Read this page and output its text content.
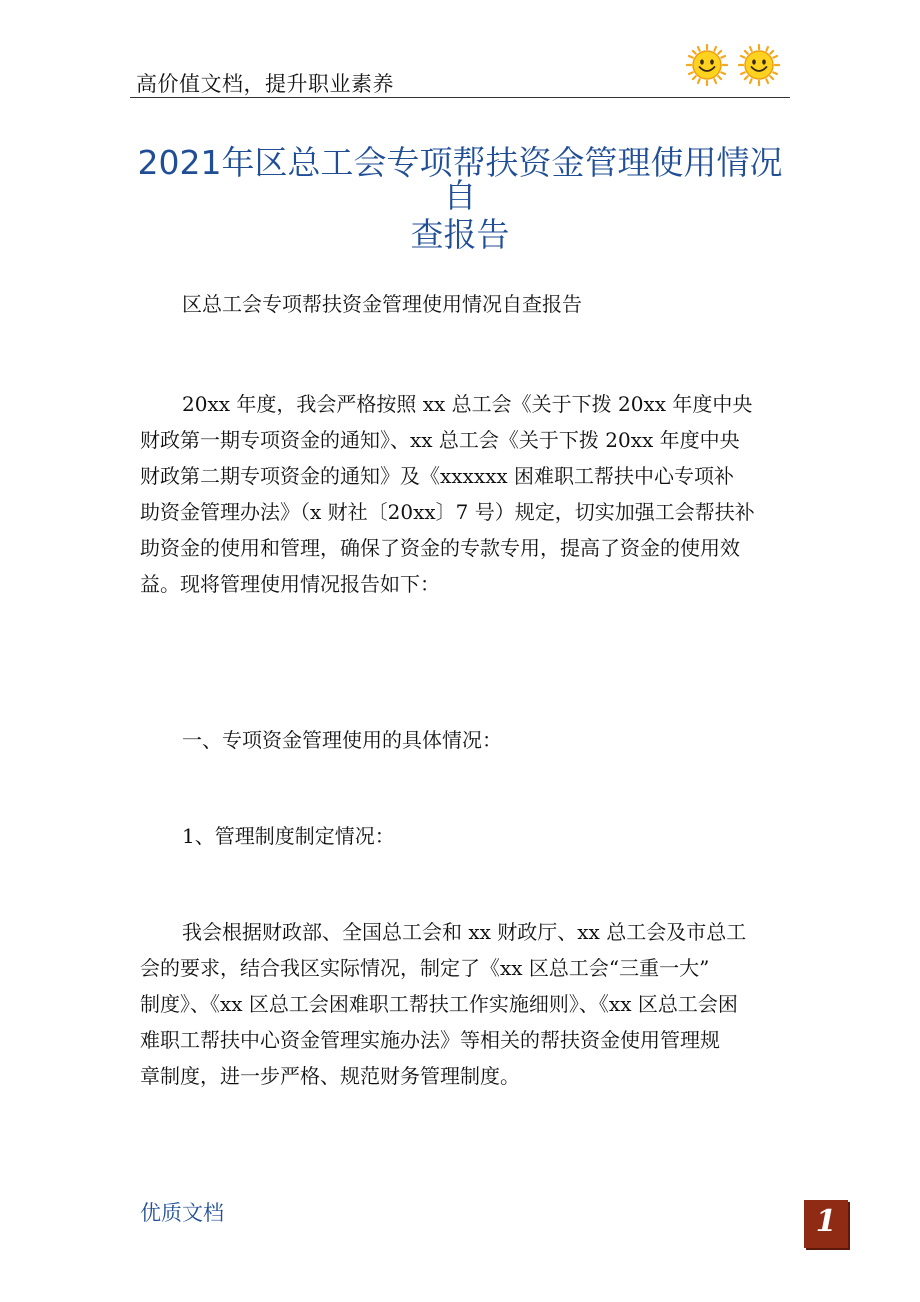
高价值文档，提升职业素养
2021年区总工会专项帮扶资金管理使用情况自
查报告
区总工会专项帮扶资金管理使用情况自查报告
20xx 年度，我会严格按照 xx 总工会《关于下拨 20xx 年度中央
财政第一期专项资金的通知》、xx 总工会《关于下拨 20xx 年度中央
财政第二期专项资金的通知》及《xxxxxx 困难职工帮扶中心专项补
助资金管理办法》（x 财社〔20xx〕7 号）规定，切实加强工会帮扶补
助资金的使用和管理，确保了资金的专款专用，提高了资金的使用效
益。现将管理使用情况报告如下：
一、专项资金管理使用的具体情况：
1、管理制度制定情况：
我会根据财政部、全国总工会和 xx 财政厅、xx 总工会及市总工
会的要求，结合我区实际情况，制定了《xx 区总工会“三重一大”
制度》、《xx 区总工会困难职工帮扶工作实施细则》、《xx 区总工会困
难职工帮扶中心资金管理实施办法》等相关的帮扶资金使用管理规
章制度，进一步严格、规范财务管理制度。
优质文档	1
